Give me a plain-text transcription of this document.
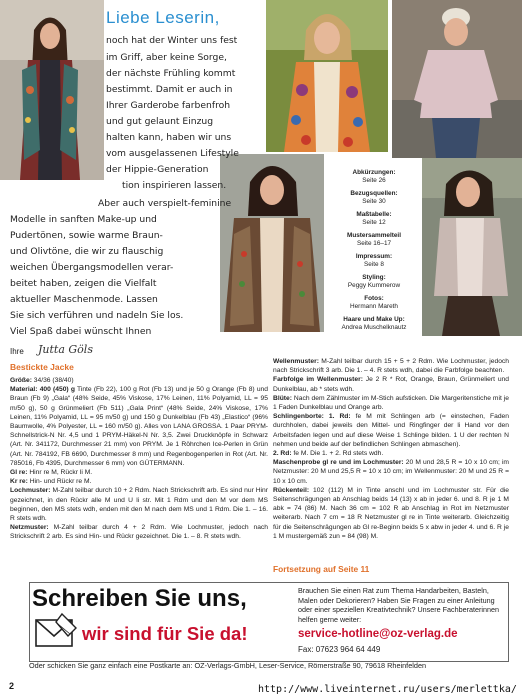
Liebe Leserin,
noch hat der Winter uns fest
im Griff, aber keine Sorge,
der nächste Frühling kommt
bestimmt. Damit er auch in
Ihrer Garderobe farbenfroh
und gut gelaunt Einzug
halten kann, haben wir uns
vom ausgelassenen Lifestyle
der Hippie-Generation
tion inspirieren lassen.
Aber auch verspielt-feminine
Modelle in sanften Make-up und
Pudertönen, sowie warme Braun-
und Olivtöne, die wir zu flauschig
weichen Übergangsmodellen verar-
beitet haben, zeigen die Vielfalt
aktueller Maschenmode. Lassen
Sie sich verführen und nadeln Sie los.
Viel Spaß dabei wünscht Ihnen
Ihre Jutta Göls
Abkürzungen:
Seite 26
Bezugsquellen:
Seite 30
Maßtabelle:
Seite 12
Mustersammelteil
Seite 16–17
Impressum:
Seite 8
Styling:
Peggy Kummerow
Fotos:
Hermann Mareth
Haare und Make Up:
Andrea Muschelknautz
Bestickte Jacke

Größe: 34/36 (38/40)

Material: 400 (450) g Tinte (Fb 22), 100 g Rot (Fb 13) und je 50 g Orange (Fb 8) und Braun (Fb 9) „Gala“ (48% Seide, 45% Viskose, 17% Leinen, 11% Polyamid, LL = 95 m/50 g), 50 g Grünmeliert (Fb 511) „Gala Print“ (48% Seide, 24% Viskose, 17% Leinen, 11% Polyamid, LL = 95 m/50 g) und 150 g Dunkelblau (Fb 43) „Elastico“ (96% Baumwolle, 4% Polyester, LL = 160 m/50 g). Alles von LANA GROSSA. 1 Paar PRYM-Schnellstrick-N Nr. 4,5 und 1 PRYM-Häkel-N Nr. 3,5. Zwei Druckknöpfe in Schwarz (Art. Nr. 341172, Durchmesser 21 mm) von PRYM. Je 1 Röhrchen Ice-Perlen in Grün (Art. Nr. 784192, FB 6690, Durchmesser 8 mm) und Regenbogenperlen in Rot (Art. Nr. 785016, Fb 4395, Durchmesser 6 mm) von GÜTERMANN.

Gl re: Hinr re M, Rückr li M.

Kr re: Hin- und Rückr re M.

Lochmuster: M-Zahl teilbar durch 10 + 2 Rdm. Nach Strickschrift arb. Es sind nur Hinr gezeichnet, in den Rückr alle M und U li str. Mit 1 Rdm und den M vor dem MS beginnen, den MS stets wdh, enden mit den M nach dem MS und 1 Rdm. Die 1. – 16. R stets wdh.

Netzmuster: M-Zahl teilbar durch 4 + 2 Rdm. Wie Lochmuster, jedoch nach Strickschrift 2 arb. Es sind Hin- und Rückr gezeichnet. Die 1. – 8. R stets wdh.

Wellenmuster: M-Zahl teilbar durch 15 + 5 + 2 Rdm. Wie Lochmuster, jedoch nach Strickschrift 3 arb. Die 1. – 4. R stets wdh, dabei die Farbfolge beachten.

Farbfolge im Wellenmuster: Je 2 R * Rot, Orange, Braun, Grünmeliert und Dunkelblau, ab * stets wdh.

Blüte: Nach dem Zählmuster im M-Stich aufsticken. Die Margeritenstiche mit je 1 Faden Dunkelblau und Orange arb.

Schlingenborte: 1. Rd: fe M mit Schlingen arb (= einstechen, Faden durchholen, dabei jeweils den Mittel- und Ringfinger der li Hand vor den Arbeitsfaden legen und auf diese Weise 1 Schlinge bilden. 1 U der rechten N nehmen und beide auf der befindlichen Schlingen abmaschen).

2. Rd: fe M. Die 1. + 2. Rd stets wdh.

Maschenprobe gl re und im Lochmuster: 20 M und 28,5 R = 10 x 10 cm; im Netzmuster: 20 M und 25,5 R = 10 x 10 cm; im Wellenmuster: 20 M und 25 R = 10 x 10 cm.

Rückenteil: 102 (112) M in Tinte anschl und im Lochmuster str. Für die Seitenschrägungen ab Anschlag beids 14 (13) x ab in jeder 6. und 8. R je 1 M abk = 74 (86) M. Nach 36 cm = 102 R ab Anschlag in Rot im Netzmuster weiterarb. Nach 7 cm = 18 R Netzmuster gl re in Tinte weiterarb. Gleichzeitig für die Seitenschrägungen ab Gl re-Beginn beids 5 x abw in jeder 4. und 6. R je 1 M mustergemäß zun = 84 (98) M.

Fortsetzung auf Seite 11
Schreiben Sie uns,
wir sind für Sie da!
Brauchen Sie einen Rat zum Thema Handarbeiten, Basteln, Malen oder Dekorieren? Haben Sie Fragen zu einer Anleitung oder einer speziellen Kreativtechnik? Unsere Fachberaterinnen helfen gerne weiter:
service-hotline@oz-verlag.de
Fax: 07623 964 64 449
Oder schicken Sie ganz einfach eine Postkarte an: OZ-Verlags-GmbH, Leser-Service, Römerstraße 90, 79618 Rheinfelden
2	http://www.liveinternet.ru/users/merlettka/
